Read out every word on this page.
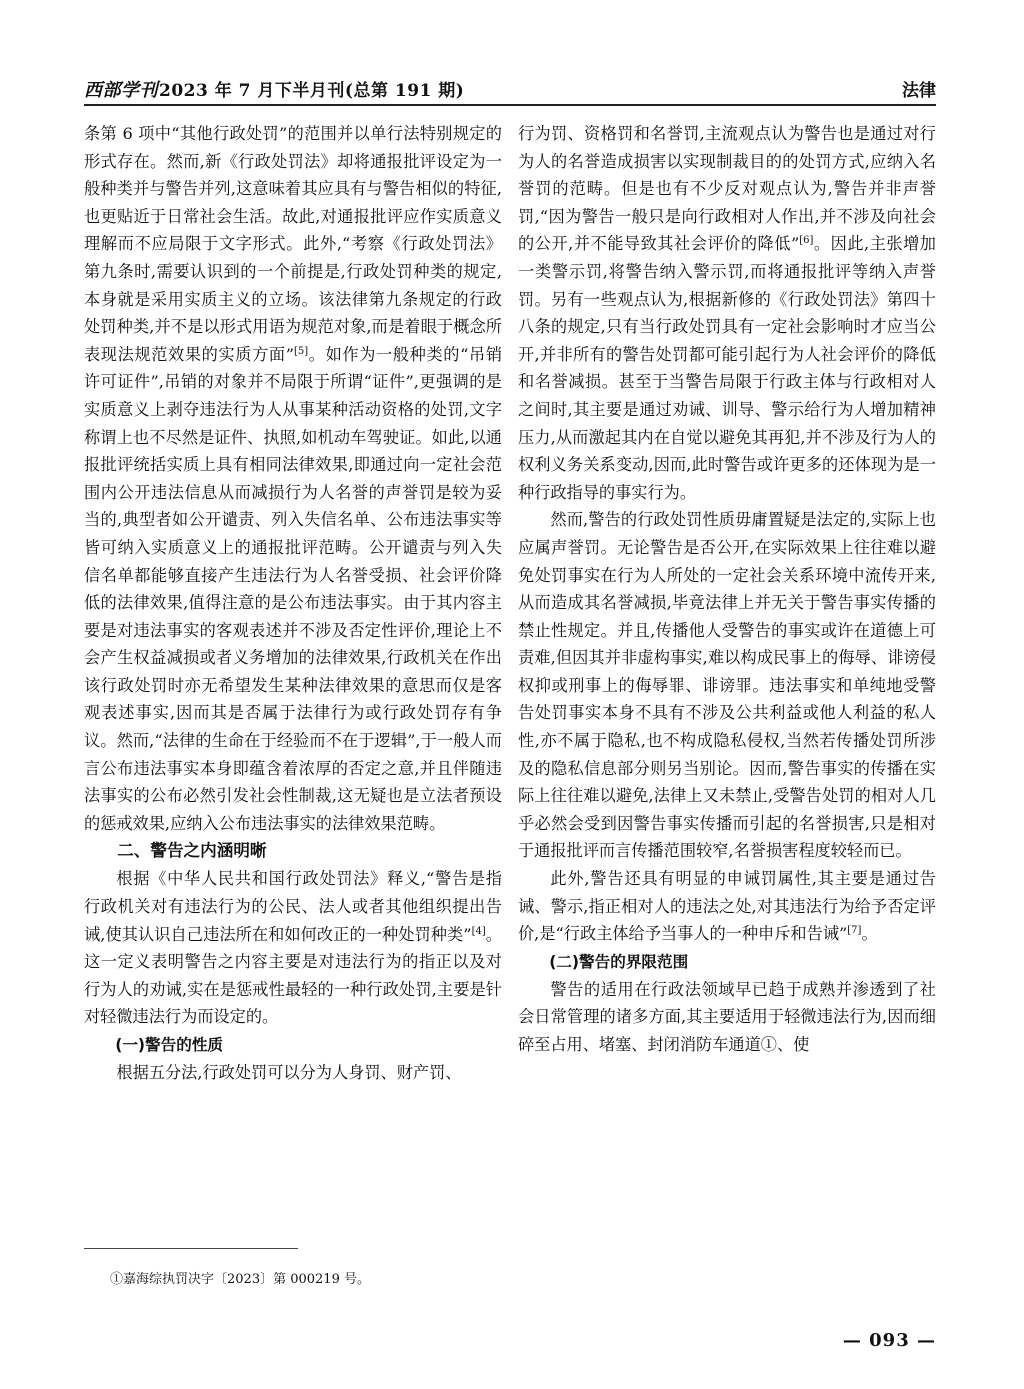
西部学刊2023 年 7 月下半月刊(总第 191 期)	法律

条第 6 项中“其他行政处罚”的范围并以单行法特别规定的形式存在。然而,新《行政处罚法》却将通报批评设定为一般种类并与警告并列,这意味着其应具有与警告相似的特征,也更贴近于日常社会生活。故此,对通报批评应作实质意义理解而不应局限于文字形式。此外,“考察《行政处罚法》第九条时,需要认识到的一个前提是,行政处罚种类的规定,本身就是采用实质主义的立场。该法律第九条规定的行政处罚种类,并不是以形式用语为规范对象,而是着眼于概念所表现法规范效果的实质方面”[5]。如作为一般种类的“吊销许可证件”,吊销的对象并不局限于所谓“证件”,更强调的是实质意义上剥夺违法行为人从事某种活动资格的处罚,文字称谓上也不尽然是证件、执照,如机动车驾驶证。如此,以通报批评统括实质上具有相同法律效果,即通过向一定社会范围内公开违法信息从而减损行为人名誉的声誉罚是较为妥当的,典型者如公开谴责、列入失信名单、公布违法事实等皆可纳入实质意义上的通报批评范畴。公开谴责与列入失信名单都能够直接产生违法行为人名誉受损、社会评价降低的法律效果,值得注意的是公布违法事实。由于其内容主要是对违法事实的客观表述并不涉及否定性评价,理论上不会产生权益减损或者义务增加的法律效果,行政机关在作出该行政处罚时亦无希望发生某种法律效果的意思而仅是客观表述事实,因而其是否属于法律行为或行政处罚存有争议。然而,“法律的生命在于经验而不在于逻辑”,于一般人而言公布违法事实本身即蕴含着浓厚的否定之意,并且伴随违法事实的公布必然引发社会性制裁,这无疑也是立法者预设的惩戒效果,应纳入公布违法事实的法律效果范畴。

二、警告之内涵明晰

根据《中华人民共和国行政处罚法》释义,“警告是指行政机关对有违法行为的公民、法人或者其他组织提出告诫,使其认识自己违法所在和如何改正的一种处罚种类”[4]。这一定义表明警告之内容主要是对违法行为的指正以及对行为人的劝诫,实在是惩戒性最轻的一种行政处罚,主要是针对轻微违法行为而设定的。

(一)警告的性质

根据五分法,行政处罚可以分为人身罚、财产罚、

行为罚、资格罚和名誉罚,主流观点认为警告也是通过对行为人的名誉造成损害以实现制裁目的的处罚方式,应纳入名誉罚的范畴。但是也有不少反对观点认为,警告并非声誉罚,“因为警告一般只是向行政相对人作出,并不涉及向社会的公开,并不能导致其社会评价的降低”[6]。因此,主张增加一类警示罚,将警告纳入警示罚,而将通报批评等纳入声誉罚。另有一些观点认为,根据新修的《行政处罚法》第四十八条的规定,只有当行政处罚具有一定社会影响时才应当公开,并非所有的警告处罚都可能引起行为人社会评价的降低和名誉减损。甚至于当警告局限于行政主体与行政相对人之间时,其主要是通过劝诫、训导、警示给行为人增加精神压力,从而激起其内在自觉以避免其再犯,并不涉及行为人的权利义务关系变动,因而,此时警告或许更多的还体现为是一种行政指导的事实行为。

然而,警告的行政处罚性质毋庸置疑是法定的,实际上也应属声誉罚。无论警告是否公开,在实际效果上往往难以避免处罚事实在行为人所处的一定社会关系环境中流传开来,从而造成其名誉减损,毕竟法律上并无关于警告事实传播的禁止性规定。并且,传播他人受警告的事实或许在道德上可责难,但因其并非虚构事实,难以构成民事上的侮辱、诽谤侵权抑或刑事上的侮辱罪、诽谤罪。违法事实和单纯地受警告处罚事实本身不具有不涉及公共利益或他人利益的私人性,亦不属于隐私,也不构成隐私侵权,当然若传播处罚所涉及的隐私信息部分则另当别论。因而,警告事实的传播在实际上往往难以避免,法律上又未禁止,受警告处罚的相对人几乎必然会受到因警告事实传播而引起的名誉损害,只是相对于通报批评而言传播范围较窄,名誉损害程度较轻而已。

此外,警告还具有明显的申诫罚属性,其主要是通过告诫、警示,指正相对人的违法之处,对其违法行为给予否定评价,是“行政主体给予当事人的一种申斥和告诫”[7]。

(二)警告的界限范围

警告的适用在行政法领域早已趋于成熟并渗透到了社会日常管理的诸多方面,其主要适用于轻微违法行为,因而细碎至占用、堵塞、封闭消防车通道①、使

①嘉海综执罚决字〔2023〕第 000219 号。
— 093 —
